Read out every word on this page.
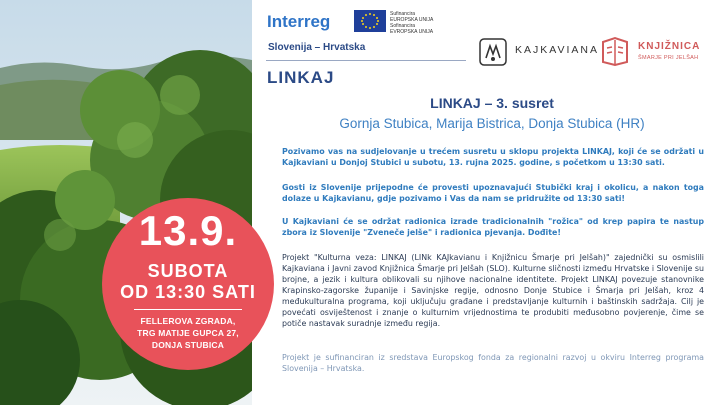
13.9.
SUBOTA
OD 13:30 SATI
FELLEROVA ZGRADA,
TRG MATIJE GUPCA 27,
DONJA STUBICA
Interreg	Sufinancira
EUROPSKA UNIJA
Sofinancira
EVROPSKA UNIJA
Slovenija – Hrvatska	KAJKAVIANA	KNJIŽNICA
ŠMARJE PRI JELŠAH
LINKAJ
LINKAJ – 3. susret
Gornja Stubica, Marija Bistrica, Donja Stubica (HR)
Pozivamo vas na sudjelovanje u trećem susretu u sklopu projekta LINKAJ, koji će se održati u Kajkaviani u Donjoj Stubici u subotu, 13. rujna 2025. godine, s početkom u 13:30 sati.
Gosti iz Slovenije prijepodne će provesti upoznavajući Stubički kraj i okolicu, a nakon toga dolaze u Kajkavianu, gdje pozivamo i Vas da nam se pridružite od 13:30 sati!
U Kajkaviani će se održat radionica izrade tradicionalnih "rožica" od krep papira te nastup zbora iz Slovenije "Zveneče jelše" i radionica pjevanja. Dođite!
Projekt "Kulturna veza: LINKAJ (LINk KAJkavianu i Knjižnicu Šmarje pri Jelšah)" zajednički su osmislili Kajkaviana i Javni zavod Knjižnica Šmarje pri Jelšah (SLO). Kulturne sličnosti između Hrvatske i Slovenije su brojne, a jezik i kultura oblikovali su njihove nacionalne identitete. Projekt LINKAJ povezuje stanovnike Krapinsko-zagorske županije i Savinjske regije, odnosno Donje Stubice i Šmarja pri Jelšah, kroz 4 međukulturalna programa, koji uključuju građane i predstavljanje kulturnih i baštinskih sadržaja. Cilj je povećati osviještenost i znanje o kulturnim vrijednostima te produbiti međusobno povjerenje, čime se potiče nastavak suradnje između regija.
Projekt je sufinanciran iz sredstava Europskog fonda za regionalni razvoj u okviru Interreg programa Slovenija – Hrvatska.
